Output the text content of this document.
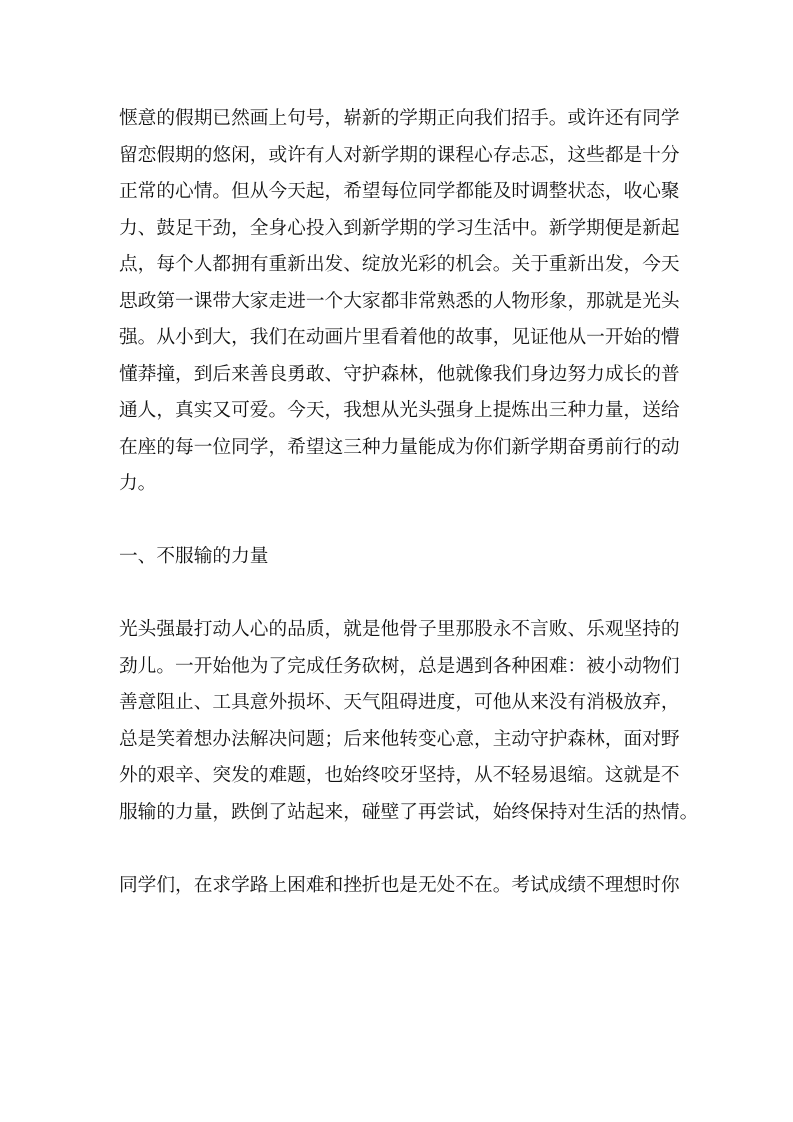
惬意的假期已然画上句号，崭新的学期正向我们招手。或许还有同学
留恋假期的悠闲，或许有人对新学期的课程心存忐忑，这些都是十分
正常的心情。但从今天起，希望每位同学都能及时调整状态，收心聚
力、鼓足干劲，全身心投入到新学期的学习生活中。新学期便是新起
点，每个人都拥有重新出发、绽放光彩的机会。关于重新出发，今天
思政第一课带大家走进一个大家都非常熟悉的人物形象，那就是光头
强。从小到大，我们在动画片里看着他的故事，见证他从一开始的懵
懂莽撞，到后来善良勇敢、守护森林，他就像我们身边努力成长的普
通人，真实又可爱。今天，我想从光头强身上提炼出三种力量，送给
在座的每一位同学，希望这三种力量能成为你们新学期奋勇前行的动
力。
一、不服输的力量
光头强最打动人心的品质，就是他骨子里那股永不言败、乐观坚持的
劲儿。一开始他为了完成任务砍树，总是遇到各种困难：被小动物们
善意阻止、工具意外损坏、天气阻碍进度，可他从来没有消极放弃，
总是笑着想办法解决问题；后来他转变心意，主动守护森林，面对野
外的艰辛、突发的难题，也始终咬牙坚持，从不轻易退缩。这就是不
服输的力量，跌倒了站起来，碰壁了再尝试，始终保持对生活的热情。
同学们，在求学路上困难和挫折也是无处不在。考试成绩不理想时你
